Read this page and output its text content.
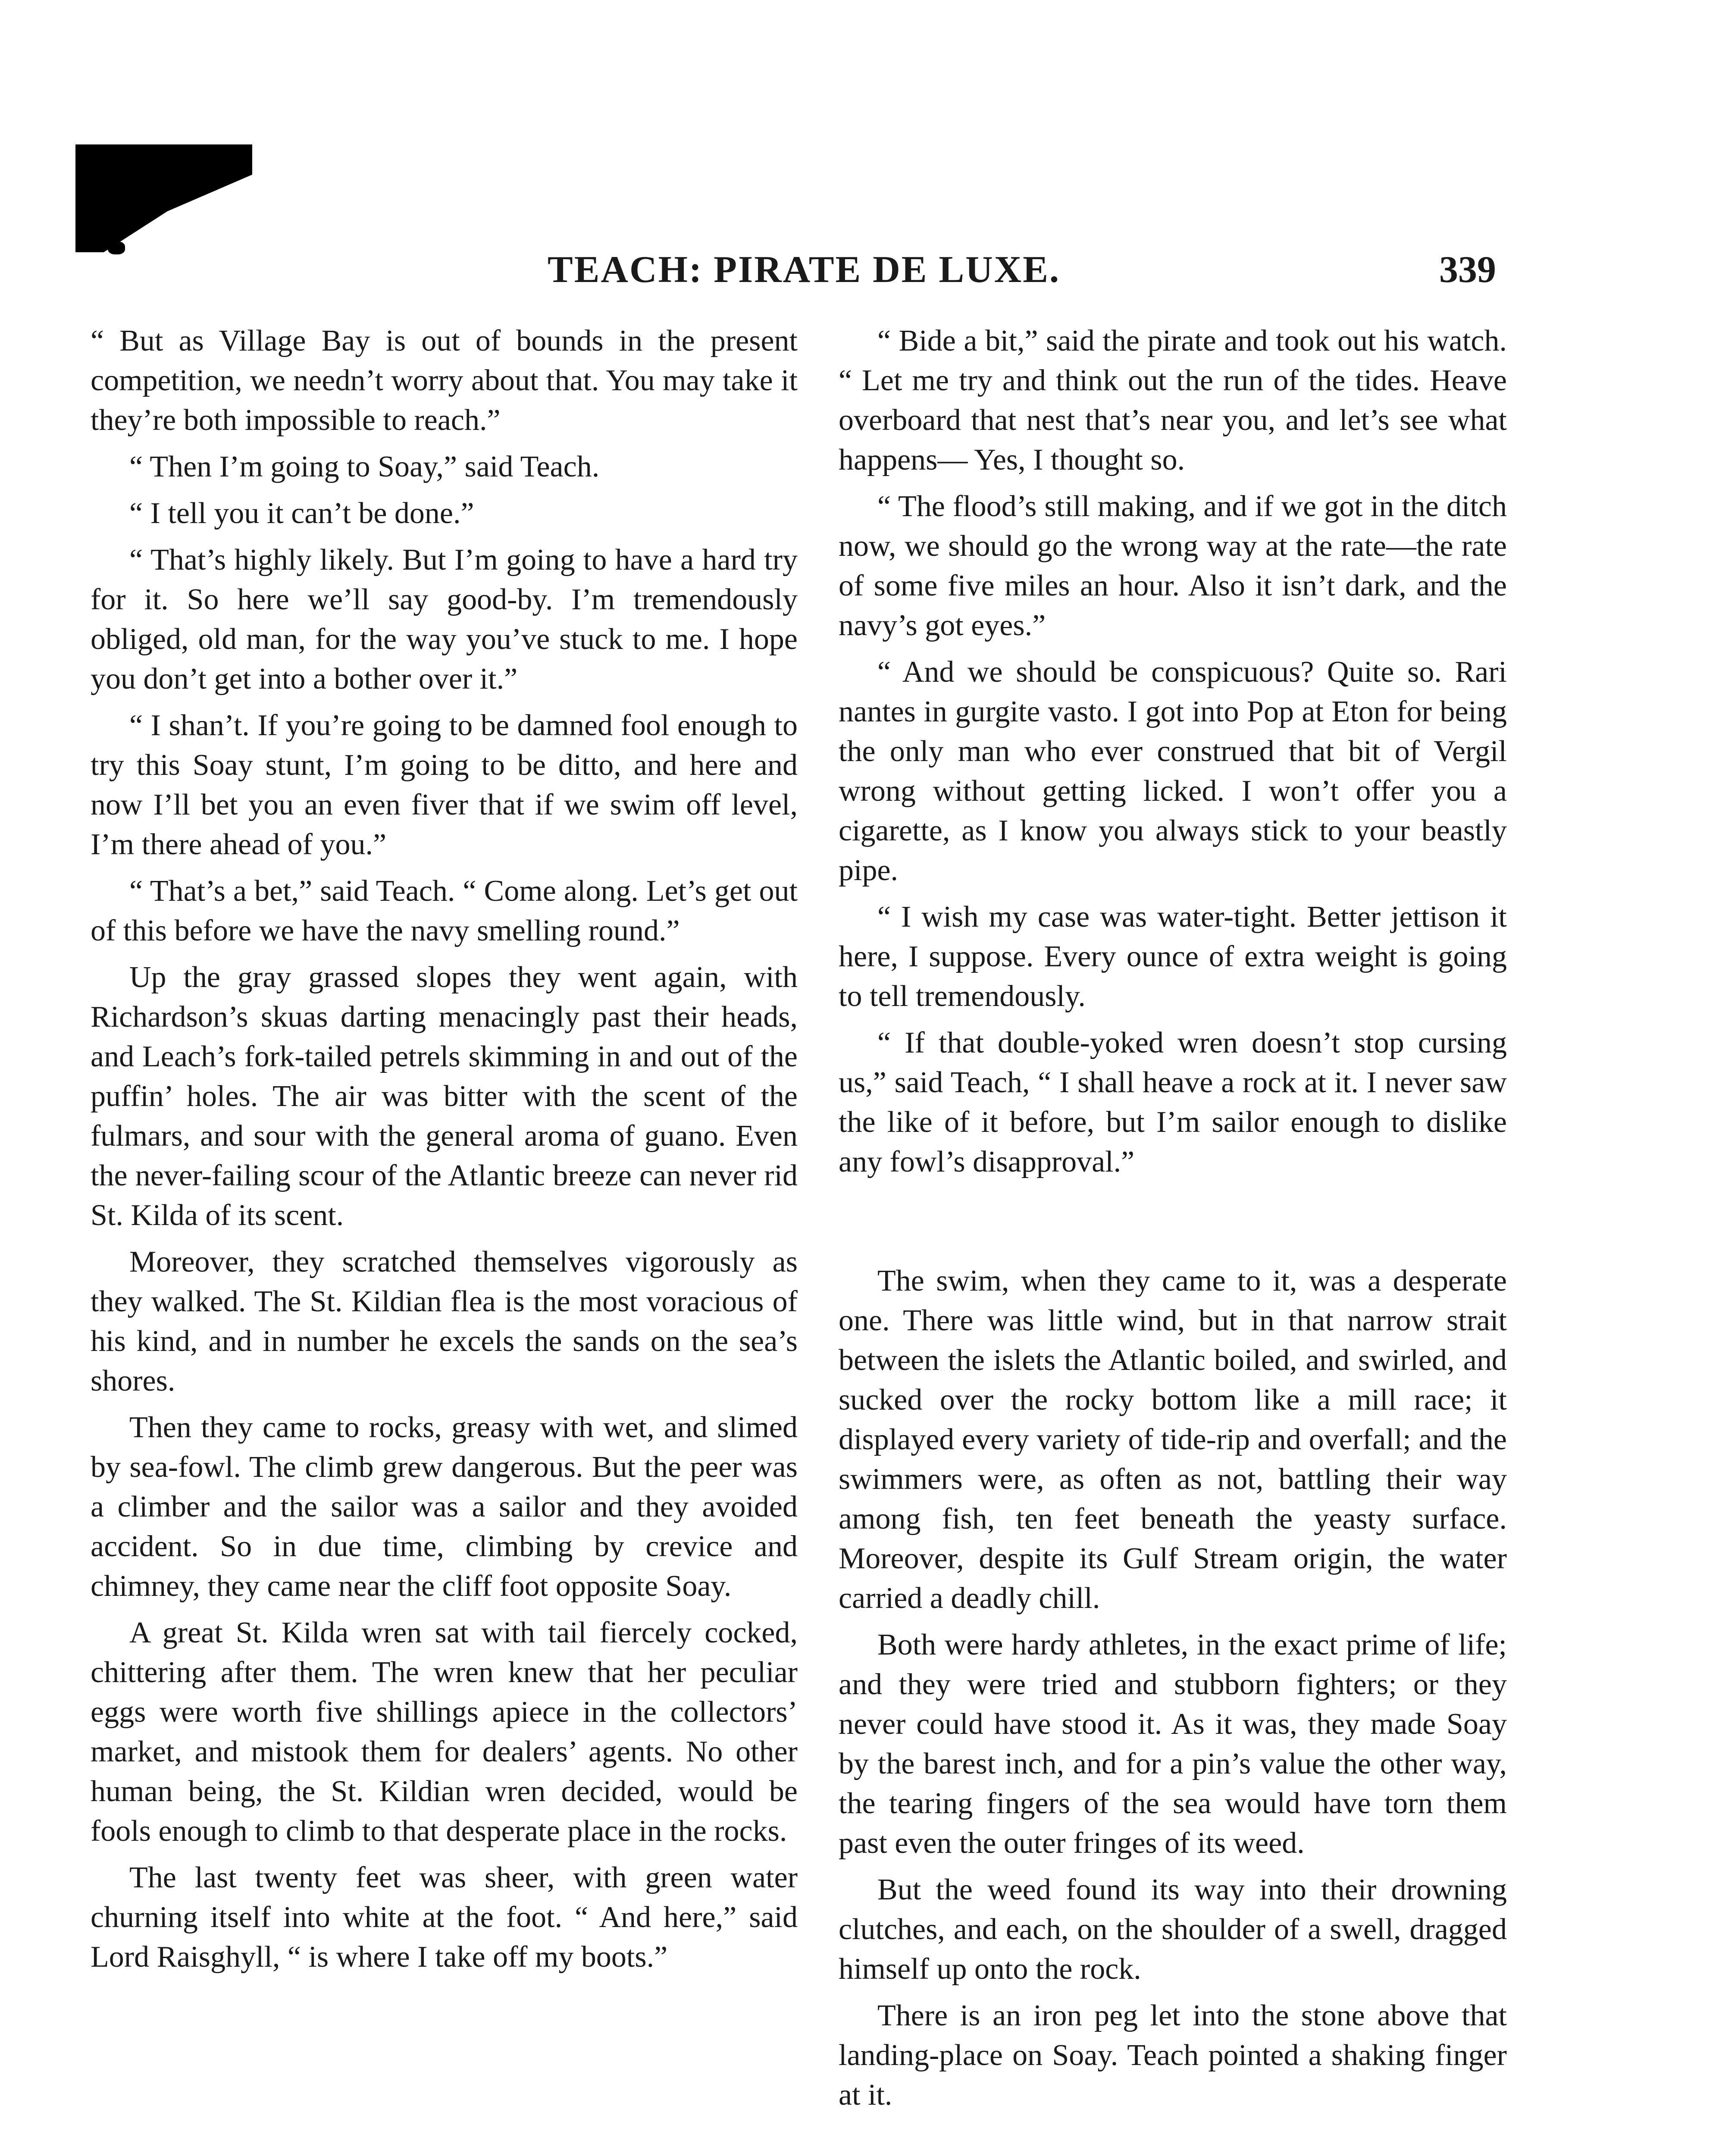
TEACH: PIRATE DE LUXE.	339

“ But as Village Bay is out of bounds in the present competition, we needn’t worry about that. You may take it they’re both impossible to reach.”

“ Then I’m going to Soay,” said Teach.

“ I tell you it can’t be done.”

“ That’s highly likely. But I’m going to have a hard try for it. So here we’ll say good-by. I’m tremendously obliged, old man, for the way you’ve stuck to me. I hope you don’t get into a bother over it.”

“ I shan’t. If you’re going to be damned fool enough to try this Soay stunt, I’m going to be ditto, and here and now I’ll bet you an even fiver that if we swim off level, I’m there ahead of you.”

“ That’s a bet,” said Teach. “ Come along. Let’s get out of this before we have the navy smelling round.”

Up the gray grassed slopes they went again, with Richardson’s skuas darting menacingly past their heads, and Leach’s fork-tailed petrels skimming in and out of the puffin’ holes. The air was bitter with the scent of the fulmars, and sour with the general aroma of guano. Even the never-failing scour of the Atlantic breeze can never rid St. Kilda of its scent.

Moreover, they scratched themselves vigorously as they walked. The St. Kildian flea is the most voracious of his kind, and in number he excels the sands on the sea’s shores.

Then they came to rocks, greasy with wet, and slimed by sea-fowl. The climb grew dangerous. But the peer was a climber and the sailor was a sailor and they avoided accident. So in due time, climbing by crevice and chimney, they came near the cliff foot opposite Soay.

A great St. Kilda wren sat with tail fiercely cocked, chittering after them. The wren knew that her peculiar eggs were worth five shillings apiece in the collectors’ market, and mistook them for dealers’ agents. No other human being, the St. Kildian wren decided, would be fools enough to climb to that desperate place in the rocks.

The last twenty feet was sheer, with green water churning itself into white at the foot. “ And here,” said Lord Raisghyll, “ is where I take off my boots.”

“ Bide a bit,” said the pirate and took out his watch. “ Let me try and think out the run of the tides. Heave overboard that nest that’s near you, and let’s see what happens— Yes, I thought so.

“ The flood’s still making, and if we got in the ditch now, we should go the wrong way at the rate—the rate of some five miles an hour. Also it isn’t dark, and the navy’s got eyes.”

“ And we should be conspicuous? Quite so. Rari nantes in gurgite vasto. I got into Pop at Eton for being the only man who ever construed that bit of Vergil wrong without getting licked. I won’t offer you a cigarette, as I know you always stick to your beastly pipe.

“ I wish my case was water-tight. Better jettison it here, I suppose. Every ounce of extra weight is going to tell tremendously.

“ If that double-yoked wren doesn’t stop cursing us,” said Teach, “ I shall heave a rock at it. I never saw the like of it before, but I’m sailor enough to dislike any fowl’s disapproval.”

The swim, when they came to it, was a desperate one. There was little wind, but in that narrow strait between the islets the Atlantic boiled, and swirled, and sucked over the rocky bottom like a mill race; it displayed every variety of tide-rip and overfall; and the swimmers were, as often as not, battling their way among fish, ten feet beneath the yeasty surface. Moreover, despite its Gulf Stream origin, the water carried a deadly chill.

Both were hardy athletes, in the exact prime of life; and they were tried and stubborn fighters; or they never could have stood it. As it was, they made Soay by the barest inch, and for a pin’s value the other way, the tearing fingers of the sea would have torn them past even the outer fringes of its weed.

But the weed found its way into their drowning clutches, and each, on the shoulder of a swell, dragged himself up onto the rock.

There is an iron peg let into the stone above that landing-place on Soay. Teach pointed a shaking finger at it.
